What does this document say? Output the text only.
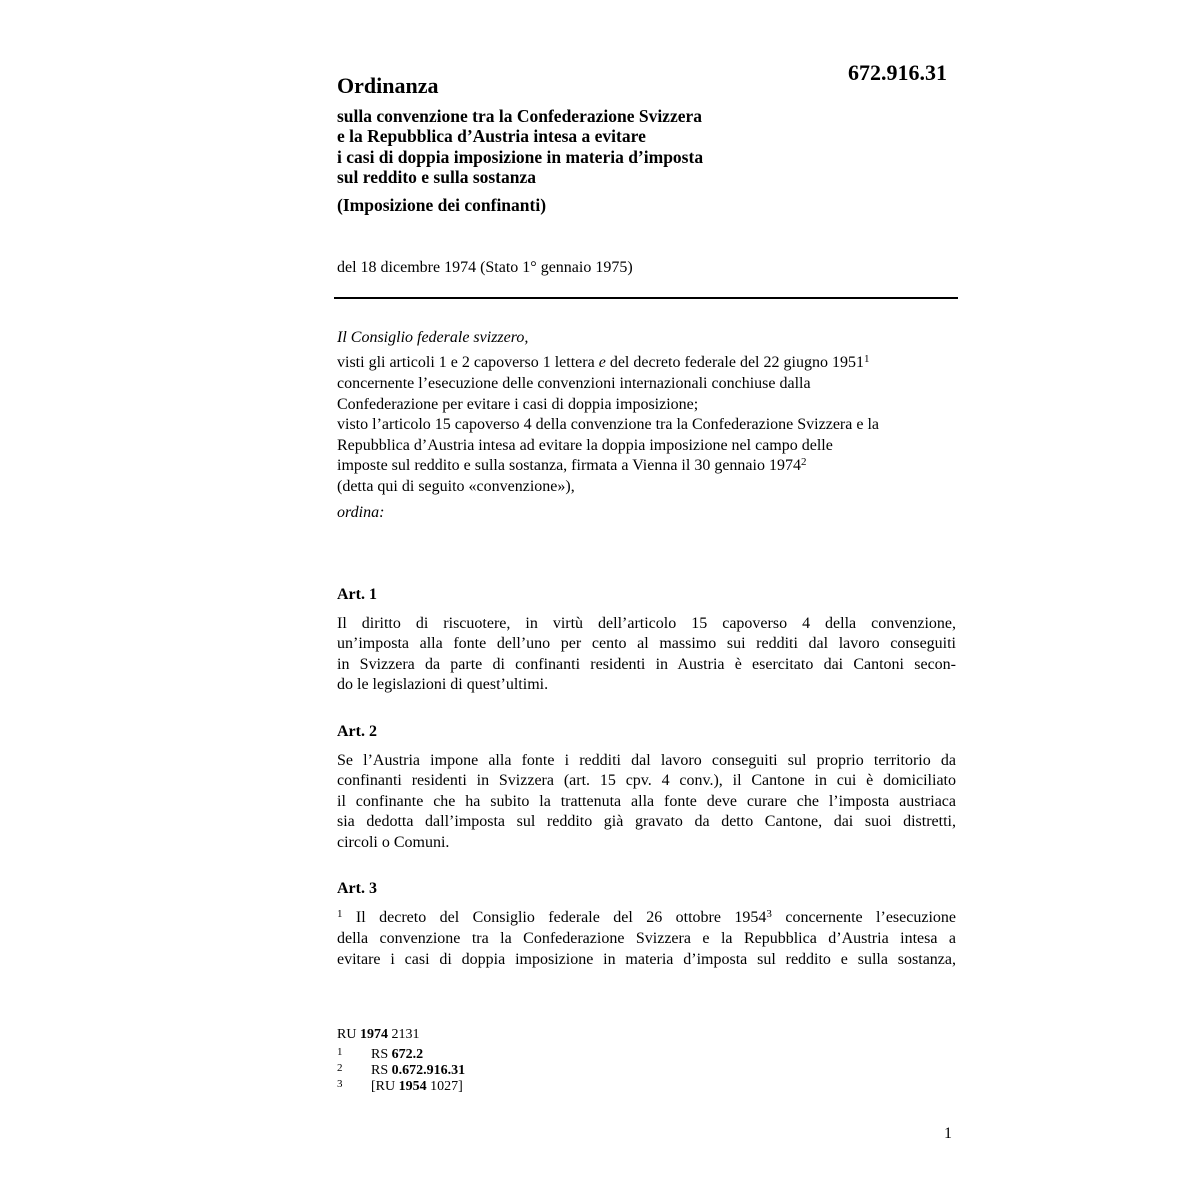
672.916.31
Ordinanza
sulla convenzione tra la Confederazione Svizzera
e la Repubblica d’Austria intesa a evitare
i casi di doppia imposizione in materia d’imposta
sul reddito e sulla sostanza
(Imposizione dei confinanti)
del 18 dicembre 1974 (Stato 1° gennaio 1975)
Il Consiglio federale svizzero,
visti gli articoli 1 e 2 capoverso 1 lettera e del decreto federale del 22 giugno 1951$^1$
concernente l’esecuzione delle convenzioni internazionali conchiuse dalla
Confederazione per evitare i casi di doppia imposizione;
visto l’articolo 15 capoverso 4 della convenzione tra la Confederazione Svizzera e la
Repubblica d’Austria intesa ad evitare la doppia imposizione nel campo delle
imposte sul reddito e sulla sostanza, firmata a Vienna il 30 gennaio 1974$^2$
(detta qui di seguito «convenzione»),
ordina:
Art. 1
Il diritto di riscuotere, in virtù dell’articolo 15 capoverso 4 della convenzione,
un’imposta alla fonte dell’uno per cento al massimo sui redditi dal lavoro conseguiti
in Svizzera da parte di confinanti residenti in Austria è esercitato dai Cantoni secon-
do le legislazioni di quest’ultimi.
Art. 2
Se l’Austria impone alla fonte i redditi dal lavoro conseguiti sul proprio territorio da
confinanti residenti in Svizzera (art. 15 cpv. 4 conv.), il Cantone in cui è domiciliato
il confinante che ha subito la trattenuta alla fonte deve curare che l’imposta austriaca
sia dedotta dall’imposta sul reddito già gravato da detto Cantone, dai suoi distretti,
circoli o Comuni.
Art. 3
$^1$ Il decreto del Consiglio federale del 26 ottobre 1954$^3$ concernente l’esecuzione
della convenzione tra la Confederazione Svizzera e la Repubblica d’Austria intesa a
evitare i casi di doppia imposizione in materia d’imposta sul reddito e sulla sostanza,
RU 1974 2131
1 RS 672.2
2 RS 0.672.916.31
3 [RU 1954 1027]
1
